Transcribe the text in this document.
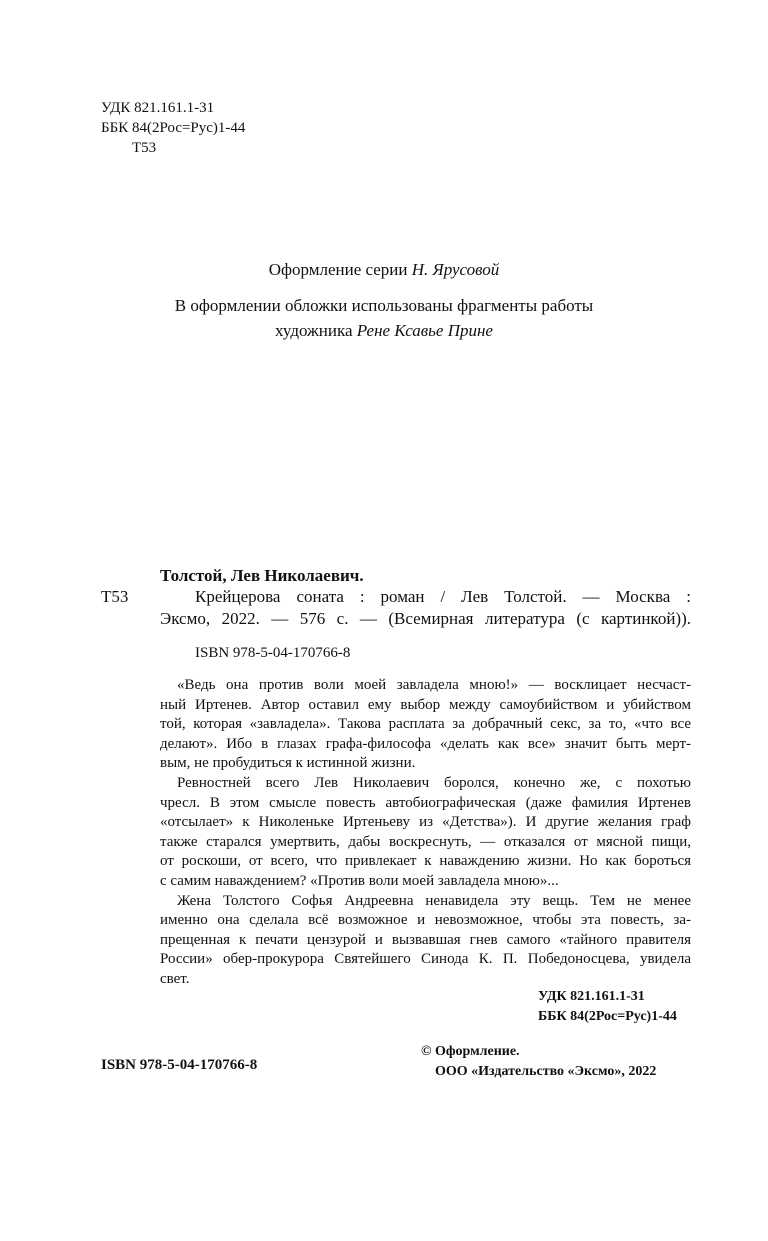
УДК 821.161.1-31
ББК 84(2Рос=Рус)1-44
Т53
Оформление серии Н. Ярусовой
В оформлении обложки использованы фрагменты работы
художника Рене Ксавье Прине
Толстой, Лев Николаевич.
Т53	Крейцерова соната : роман / Лев Толстой. — Москва :
Эксмо, 2022. — 576 с. — (Всемирная литература (с картинкой)).
ISBN 978-5-04-170766-8
«Ведь она против воли моей завладела мною!» — восклицает несчаст-
ный Иртенев. Автор оставил ему выбор между самоубийством и убийством
той, которая «завладела». Такова расплата за добрачный секс, за то, «что все
делают». Ибо в глазах графа-философа «делать как все» значит быть мерт-
вым, не пробудиться к истинной жизни.
Ревностней всего Лев Николаевич боролся, конечно же, с похотью
чресл. В этом смысле повесть автобиографическая (даже фамилия Иртенев
«отсылает» к Николеньке Иртеньеву из «Детства»). И другие желания граф
также старался умертвить, дабы воскреснуть, — отказался от мясной пищи,
от роскоши, от всего, что привлекает к наваждению жизни. Но как бороться
с самим наваждением? «Против воли моей завладела мною»...
Жена Толстого Софья Андреевна ненавидела эту вещь. Тем не менее
именно она сделала всё возможное и невозможное, чтобы эта повесть, за-
прещенная к печати цензурой и вызвавшая гнев самого «тайного правителя
России» обер-прокурора Святейшего Синода К. П. Победоносцева, увидела
свет.
УДК 821.161.1-31
ББК 84(2Рос=Рус)1-44
© Оформление.
ISBN 978-5-04-170766-8	ООО «Издательство «Эксмо», 2022
